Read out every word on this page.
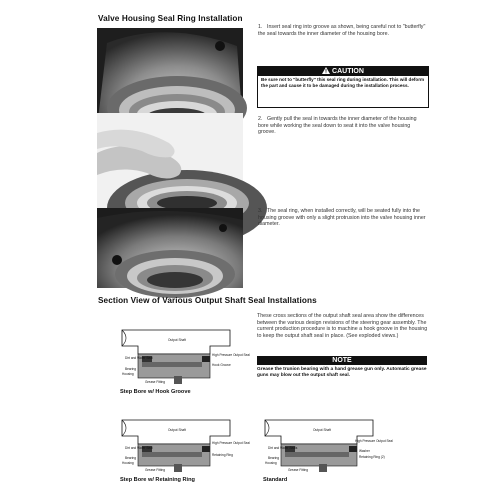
Valve Housing Seal Ring Installation
1. Insert seal ring into groove as shown, being careful not to "butterfly" the seal towards the inner diameter of the housing bore.
CAUTION
Be sure not to "butterfly" this seal ring during installation. This will deform the part and cause it to be damaged during the installation process.
2. Gently pull the seal in towards the inner diameter of the housing bore while working the seal down to seat it into the valve housing groove.
3. The seal ring, when installed correctly, will be seated fully into the housing groove with only a slight protrusion into the valve housing inner diameter.
Section View of Various Output Shaft Seal Installations
These cross sections of the output shaft seal area show the differences between the various design revisions of the steering gear assembly. The current production procedure is to machine a hook groove in the housing to keep the output shaft seal in place. (See exploded views.)
NOTE
Grease the trunion bearing with a hand grease gun only. Automatic grease guns may blow out the output shaft seal.
Output Shaft
Dirt and Water Seal
Bearing
Housing
Grease Fitting
High Pressure Output Seal
Hook Groove
Step Bore w/ Hook Groove
Output Shaft
Dirt and Water Seal
Bearing
Housing
Grease Fitting
High Pressure Output Seal
Retaining Ring
Step Bore w/ Retaining Ring
Output Shaft
Dirt and Water Seals
Bearing
Housing
Grease Fitting
High Pressure Output Seal
Washer
Retaining Ring (2)
Standard
